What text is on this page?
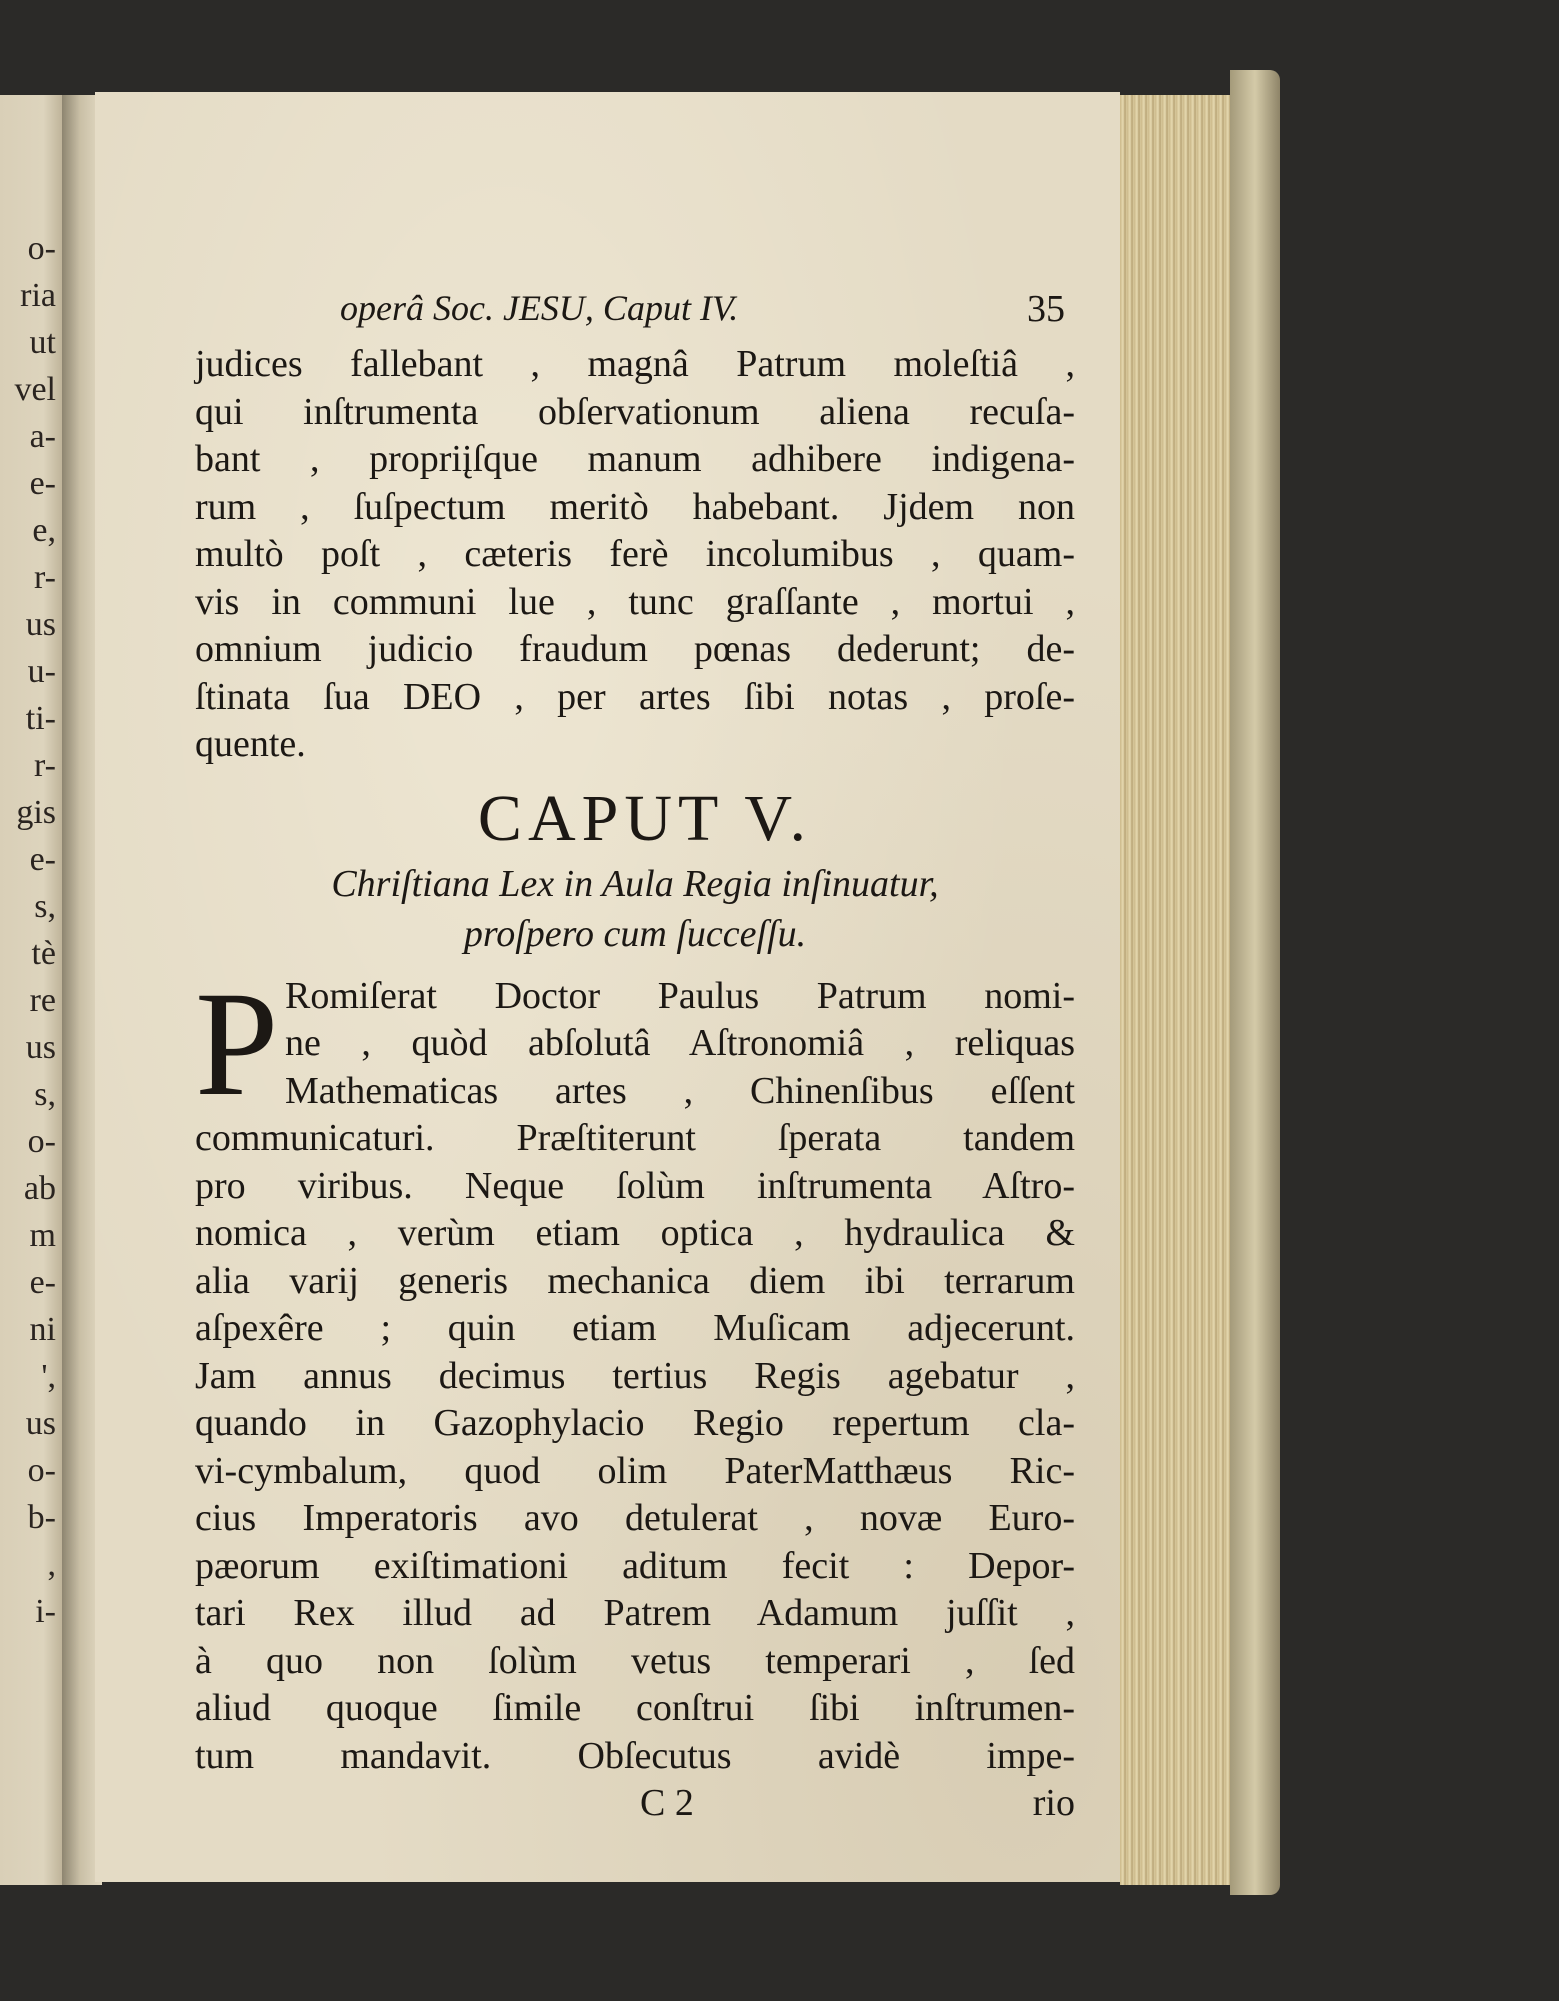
o-
ria
ut
vel
a-
e-
e,
r-
us
u-
ti-
r-
gis
e-
s,
tè
re
us
s,
o-
ab
m
e-
ni
',
us
o-
b-
,
i-
operâ Soc. JESU, Caput IV.	35
judices fallebant , magnâ Patrum moleſtiâ ,
qui inſtrumenta obſervationum aliena recuſa-
bant , propriįſque manum adhibere indigena-
rum , ſuſpectum meritò habebant. Jjdem non
multò poſt , cæteris ferè incolumibus , quam-
vis in communi lue , tunc graſſante , mortui ,
omnium judicio fraudum pœnas dederunt; de-
ſtinata ſua DEO , per artes ſibi notas , proſe-
quente.
CAPUT V.
Chriſtiana Lex in Aula Regia inſinuatur,
proſpero cum ſucceſſu.
P Romiſerat Doctor Paulus Patrum nomi-
ne , quòd abſolutâ Aſtronomiâ , reliquas
Mathematicas artes , Chinenſibus eſſent
communicaturi. Præſtiterunt ſperata tandem
pro viribus. Neque ſolùm inſtrumenta Aſtro-
nomica , verùm etiam optica , hydraulica &
alia varij generis mechanica diem ibi terrarum
aſpexêre ; quin etiam Muſicam adjecerunt.
Jam annus decimus tertius Regis agebatur ,
quando in Gazophylacio Regio repertum cla-
vi-cymbalum, quod olim PaterMatthæus Ric-
cius Imperatoris avo detulerat , novæ Euro-
pæorum exiſtimationi aditum fecit : Depor-
tari Rex illud ad Patrem Adamum juſſit ,
à quo non ſolùm vetus temperari , ſed
aliud quoque ſimile conſtrui ſibi inſtrumen-
tum mandavit. Obſecutus avidè impe-
C 2	rio
